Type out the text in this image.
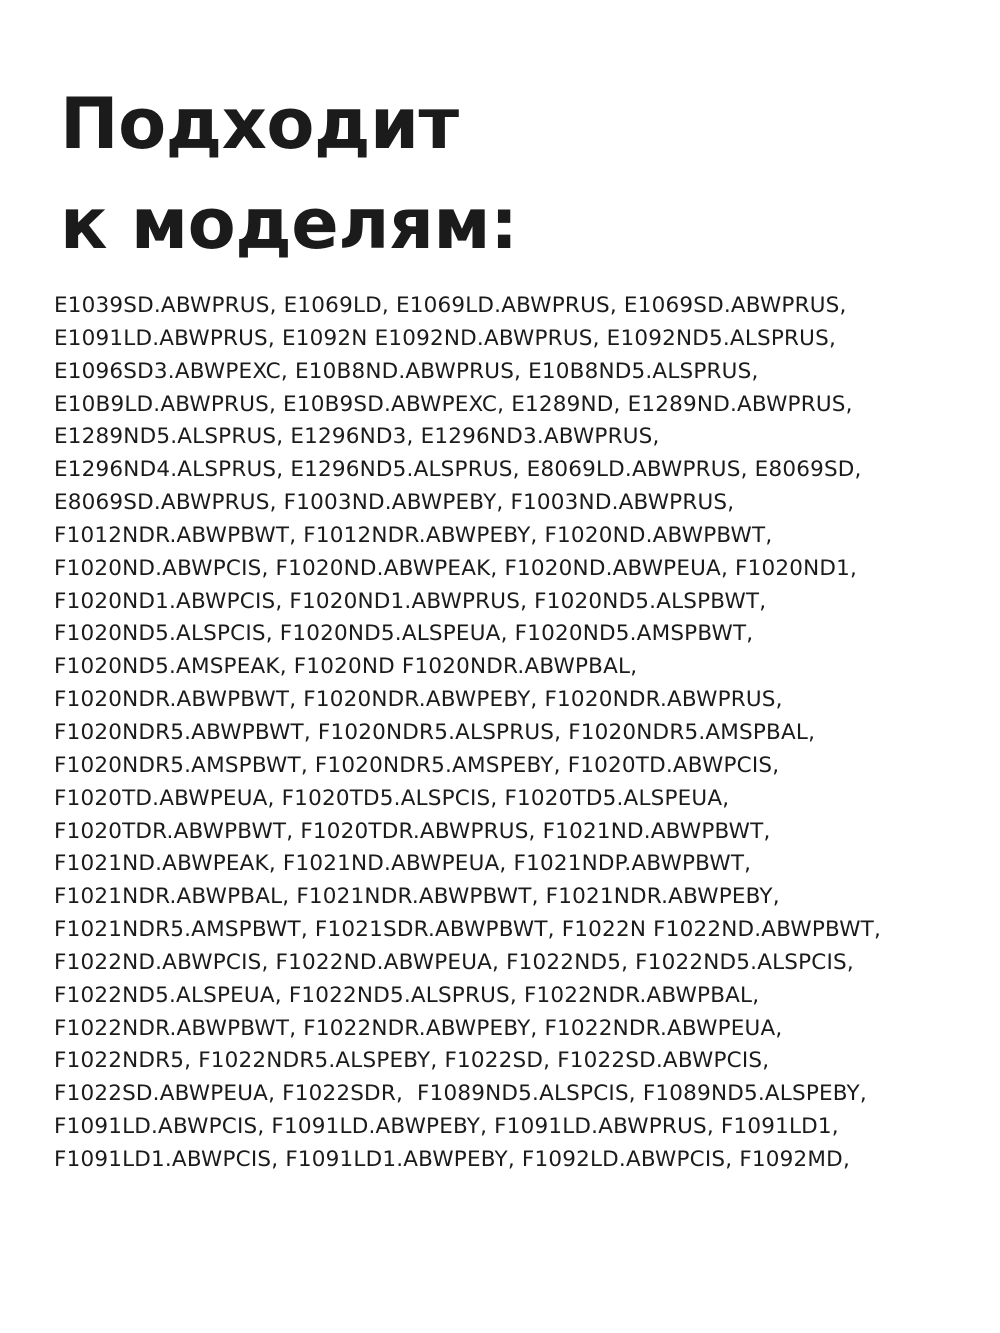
Подходит
к моделям:
E1039SD.ABWPRUS, E1069LD, E1069LD.ABWPRUS, E1069SD.ABWPRUS,
E1091LD.ABWPRUS, E1092N E1092ND.ABWPRUS, E1092ND5.ALSPRUS,
E1096SD3.ABWPEXC, E10B8ND.ABWPRUS, E10B8ND5.ALSPRUS,
E10B9LD.ABWPRUS, E10B9SD.ABWPEXC, E1289ND, E1289ND.ABWPRUS,
E1289ND5.ALSPRUS, E1296ND3, E1296ND3.ABWPRUS,
E1296ND4.ALSPRUS, E1296ND5.ALSPRUS, E8069LD.ABWPRUS, E8069SD,
E8069SD.ABWPRUS, F1003ND.ABWPEBY, F1003ND.ABWPRUS,
F1012NDR.ABWPBWT, F1012NDR.ABWPEBY, F1020ND.ABWPBWT,
F1020ND.ABWPCIS, F1020ND.ABWPEAK, F1020ND.ABWPEUA, F1020ND1,
F1020ND1.ABWPCIS, F1020ND1.ABWPRUS, F1020ND5.ALSPBWT,
F1020ND5.ALSPCIS, F1020ND5.ALSPEUA, F1020ND5.AMSPBWT,
F1020ND5.AMSPEAK, F1020ND F1020NDR.ABWPBAL,
F1020NDR.ABWPBWT, F1020NDR.ABWPEBY, F1020NDR.ABWPRUS,
F1020NDR5.ABWPBWT, F1020NDR5.ALSPRUS, F1020NDR5.AMSPBAL,
F1020NDR5.AMSPBWT, F1020NDR5.AMSPEBY, F1020TD.ABWPCIS,
F1020TD.ABWPEUA, F1020TD5.ALSPCIS, F1020TD5.ALSPEUA,
F1020TDR.ABWPBWT, F1020TDR.ABWPRUS, F1021ND.ABWPBWT,
F1021ND.ABWPEAK, F1021ND.ABWPEUA, F1021NDP.ABWPBWT,
F1021NDR.ABWPBAL, F1021NDR.ABWPBWT, F1021NDR.ABWPEBY,
F1021NDR5.AMSPBWT, F1021SDR.ABWPBWT, F1022N F1022ND.ABWPBWT,
F1022ND.ABWPCIS, F1022ND.ABWPEUA, F1022ND5, F1022ND5.ALSPCIS,
F1022ND5.ALSPEUA, F1022ND5.ALSPRUS, F1022NDR.ABWPBAL,
F1022NDR.ABWPBWT, F1022NDR.ABWPEBY, F1022NDR.ABWPEUA,
F1022NDR5, F1022NDR5.ALSPEBY, F1022SD, F1022SD.ABWPCIS,
F1022SD.ABWPEUA, F1022SDR,  F1089ND5.ALSPCIS, F1089ND5.ALSPEBY,
F1091LD.ABWPCIS, F1091LD.ABWPEBY, F1091LD.ABWPRUS, F1091LD1,
F1091LD1.ABWPCIS, F1091LD1.ABWPEBY, F1092LD.ABWPCIS, F1092MD,
